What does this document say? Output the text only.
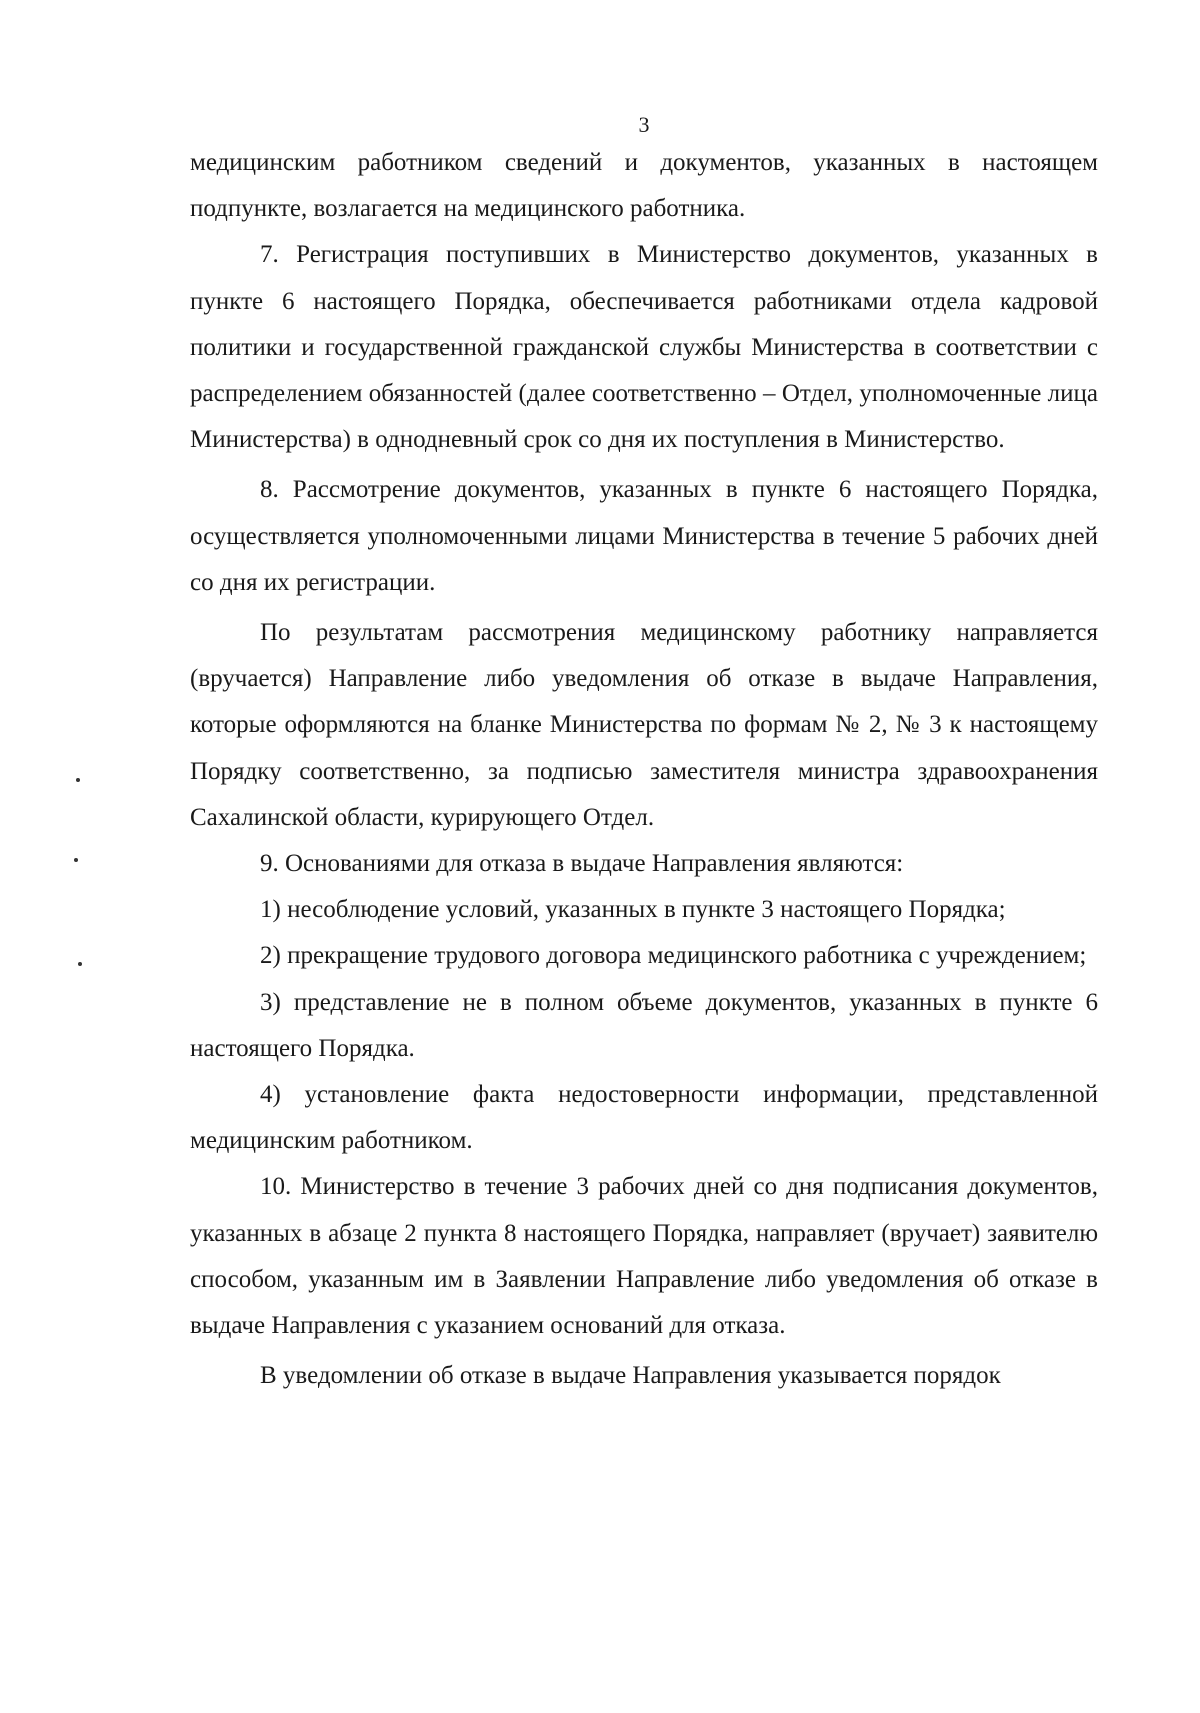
3

медицинским работником сведений и документов, указанных в настоящем подпункте, возлагается на медицинского работника.

7. Регистрация поступивших в Министерство документов, указанных в пункте 6 настоящего Порядка, обеспечивается работниками отдела кадровой политики и государственной гражданской службы Министерства в соответствии с распределением обязанностей (далее соответственно – Отдел, уполномоченные лица Министерства) в однодневный срок со дня их поступления в Министерство.

8. Рассмотрение документов, указанных в пункте 6 настоящего Порядка, осуществляется уполномоченными лицами Министерства в течение 5 рабочих дней со дня их регистрации.

По результатам рассмотрения медицинскому работнику направляется (вручается) Направление либо уведомления об отказе в выдаче Направления, которые оформляются на бланке Министерства по формам № 2, № 3 к настоящему Порядку соответственно, за подписью заместителя министра здравоохранения Сахалинской области, курирующего Отдел.

9. Основаниями для отказа в выдаче Направления являются:

1) несоблюдение условий, указанных в пункте 3 настоящего Порядка;

2) прекращение трудового договора медицинского работника с учреждением;

3) представление не в полном объеме документов, указанных в пункте 6 настоящего Порядка.

4) установление факта недостоверности информации, представленной медицинским работником.

10. Министерство в течение 3 рабочих дней со дня подписания документов, указанных в абзаце 2 пункта 8 настоящего Порядка, направляет (вручает) заявителю способом, указанным им в Заявлении Направление либо уведомления об отказе в выдаче Направления с указанием оснований для отказа.

В уведомлении об отказе в выдаче Направления указывается порядок
